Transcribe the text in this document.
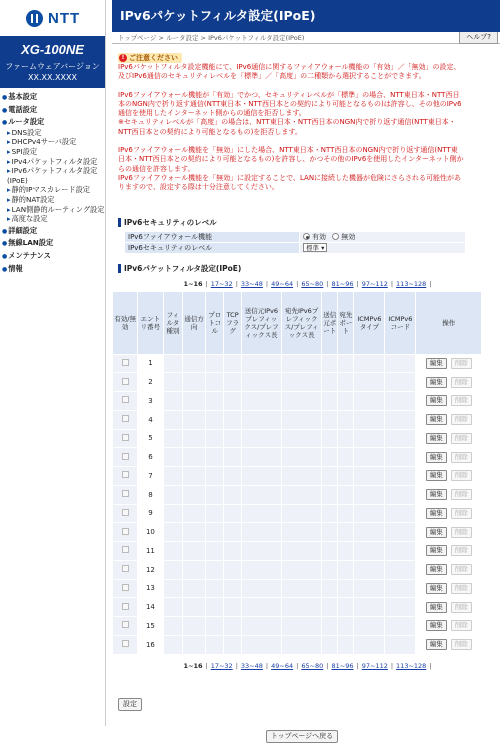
NTT
XG-100NE
ファームウェアバージョン
XX.XX.XXXX
● 基本設定
● 電話設定
● ルータ設定
▸ DNS設定
▸ DHCPv4サーバ設定
▸ SPI設定
▸ IPv4パケットフィルタ設定
▸ IPv6パケットフィルタ設定
(IPoE)
▸ 静的IPマスカレード設定
▸ 静的NAT設定
▸ LAN側静的ルーティング設定
▸ 高度な設定
● 詳細設定
● 無線LAN設定
● メンテナンス
● 情報
IPv6パケットフィルタ設定(IPoE)
トップページ > ルータ設定 > IPv6パケットフィルタ設定(IPoE)	ヘルプ?
! ご注意ください

IPv6パケットフィルタ設定機能にて、IPv6通信に関するファイアウォール機能の「有効」／「無効」の設定、

及びIPv6通信のセキュリティレベルを「標準」／「高度」の二種類から選択することができます。

IPv6ファイアウォール機能が「有効」でかつ、セキュリティレベルが「標準」の場合、NTT東日本・NTT西日

本のNGN内で折り返す通信(NTT東日本・NTT西日本との契約により可能となるもの)は許容し、その他のIPv6

通信を使用したインターネット側からの通信を拒否します。

※セキュリティレベルが「高度」の場合は、NTT東日本・NTT西日本のNGN内で折り返す通信(NTT東日本・

NTT西日本との契約により可能となるもの)を拒否します。

IPv6ファイアウォール機能を「無効」にした場合、NTT東日本・NTT西日本のNGN内で折り返す通信(NTT東

日本・NTT西日本との契約により可能となるもの)を許容し、かつその他のIPv6を使用したインターネット側か

らの通信を許容します。

IPv6ファイアウォール機能を「無効」に設定することで、LANに接続した機器が危険にさらされる可能性があ

りますので、設定する際は十分注意してください。

IPv6セキュリティのレベル
IPv6ファイアウォール機能	有効 無効
IPv6セキュリティのレベル	標準 ▾
IPv6パケットフィルタ設定(IPoE)
1~16 | 17~32 | 33~48 | 49~64 | 65~80 | 81~96 | 97~112 | 113~128 |
有効/無効	エントリ番号	フィルタ種別	通信方向	プロトコル	TCPフラグ	送信元IPv6プレフィックス/プレフィックス長	宛先IPv6プレフィックス/プレフィックス長	送信元ポート	宛先ポート	ICMPv6タイプ	ICMPv6コード	操作
	1											編集 削除
	2											編集 削除
	3											編集 削除
	4											編集 削除
	5											編集 削除
	6											編集 削除
	7											編集 削除
	8											編集 削除
	9											編集 削除
	10											編集 削除
	11											編集 削除
	12											編集 削除
	13											編集 削除
	14											編集 削除
	15											編集 削除
	16											編集 削除
1~16 | 17~32 | 33~48 | 49~64 | 65~80 | 81~96 | 97~112 | 113~128 |
設定
トップページへ戻る
